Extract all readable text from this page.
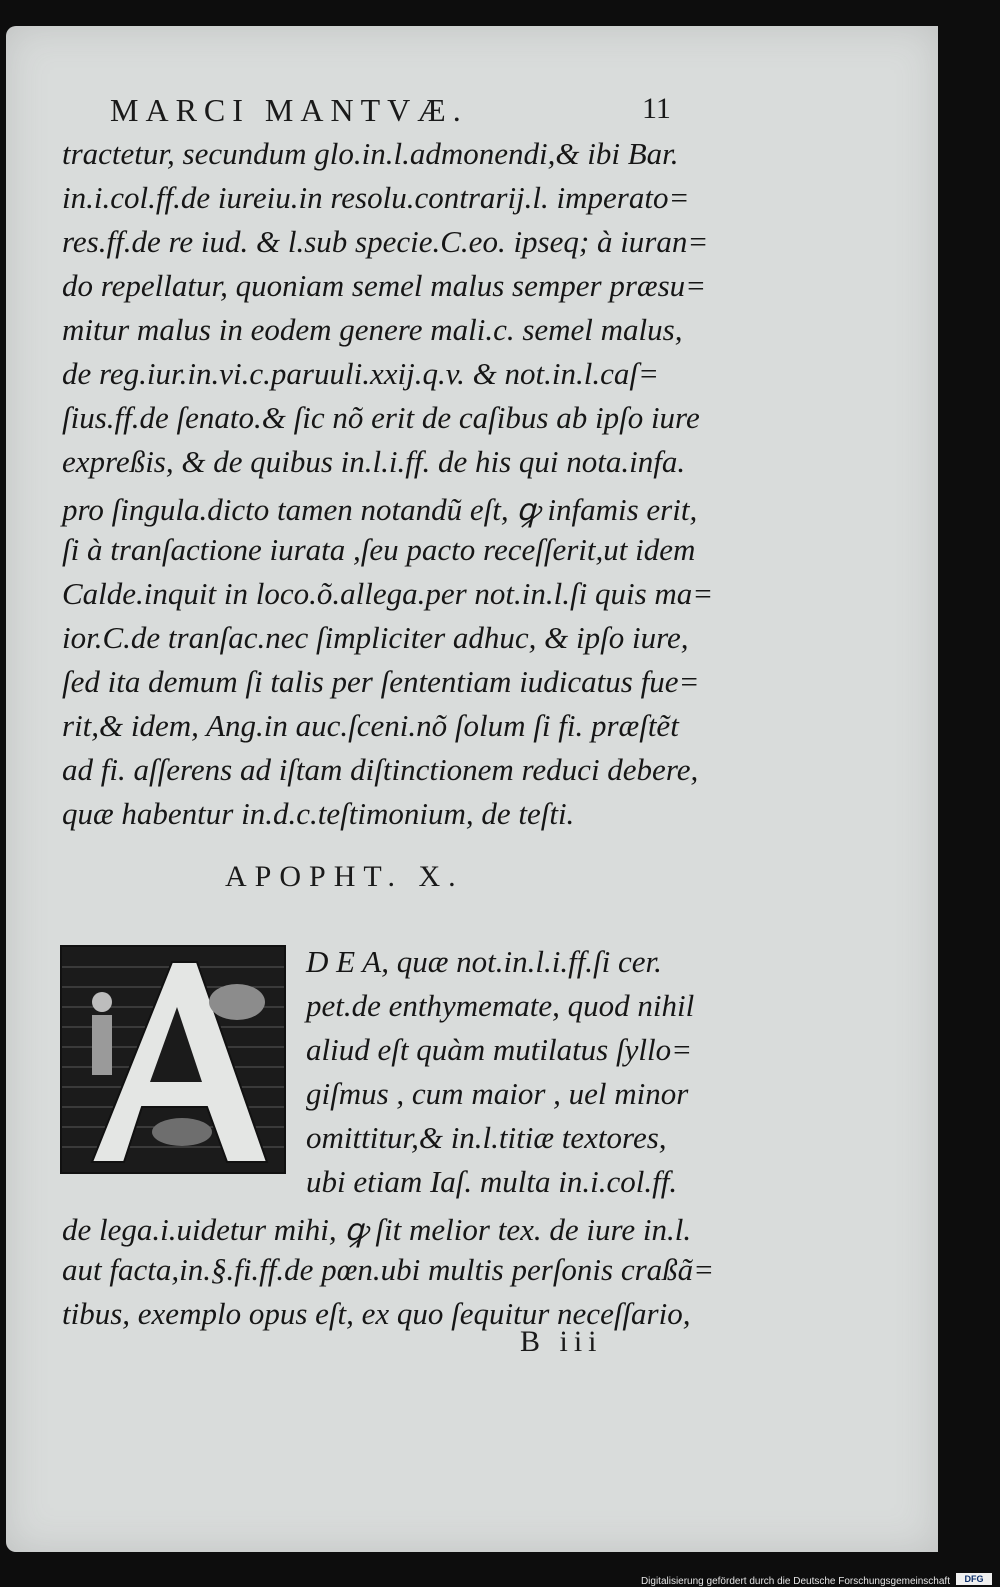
MARCI MANTVÆ.	11
tractetur, secundum glo.in.l.admonendi,& ibi Bar.
in.i.col.ff.de iureiu.in resolu.contrarij.l. imperato=
res.ff.de re iud. & l.sub specie.C.eo. ipseq; à iuran=
do repellatur, quoniam semel malus semper præsu=
mitur malus in eodem genere mali.c. semel malus,
de reg.iur.in.vi.c.paruuli.xxij.q.v. & not.in.l.caſ=
ſius.ff.de ſenato.& ſic nõ erit de caſibus ab ipſo iure
expreßis, & de quibus in.l.i.ff. de his qui nota.infa.
pro ſingula.dicto tamen notandũ eſt, ꝙ infamis erit,
ſi à tranſactione iurata ,ſeu pacto receſſerit,ut idem
Calde.inquit in loco.õ.allega.per not.in.l.ſi quis ma=
ior.C.de tranſac.nec ſimpliciter adhuc, & ipſo iure,
ſed ita demum ſi talis per ſententiam iudicatus fue=
rit,& idem, Ang.in auc.ſceni.nõ ſolum ſi fi. præſtẽt
ad fi. aſſerens ad iſtam diſtinctionem reduci debere,
quæ habentur in.d.c.teſtimonium, de teſti.
APOPHT. X.
D E A, quæ not.in.l.i.ff.ſi cer.
pet.de enthymemate, quod nihil
aliud eſt quàm mutilatus ſyllo=
giſmus , cum maior , uel minor
omittitur,& in.l.titiæ textores,
ubi etiam Iaſ. multa in.i.col.ff.
de lega.i.uidetur mihi, ꝙ ſit melior tex. de iure in.l.
aut facta,in.§.fi.ff.de pœn.ubi multis perſonis craßã=
tibus, exemplo opus eſt, ex quo ſequitur neceſſario,
B iii
Digitalisierung gefördert durch die Deutsche Forschungsgemeinschaft	DFG
